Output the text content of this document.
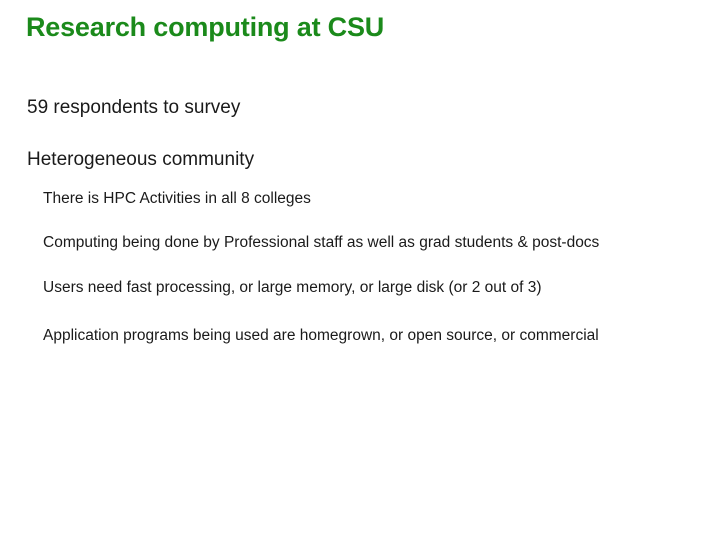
Research computing at CSU
59 respondents to survey
Heterogeneous community
There is HPC Activities in all 8 colleges
Computing being done by Professional staff as well as grad students & post-docs
Users need fast processing, or large memory, or large disk (or 2 out of 3)
Application programs being used are homegrown, or open source, or commercial
